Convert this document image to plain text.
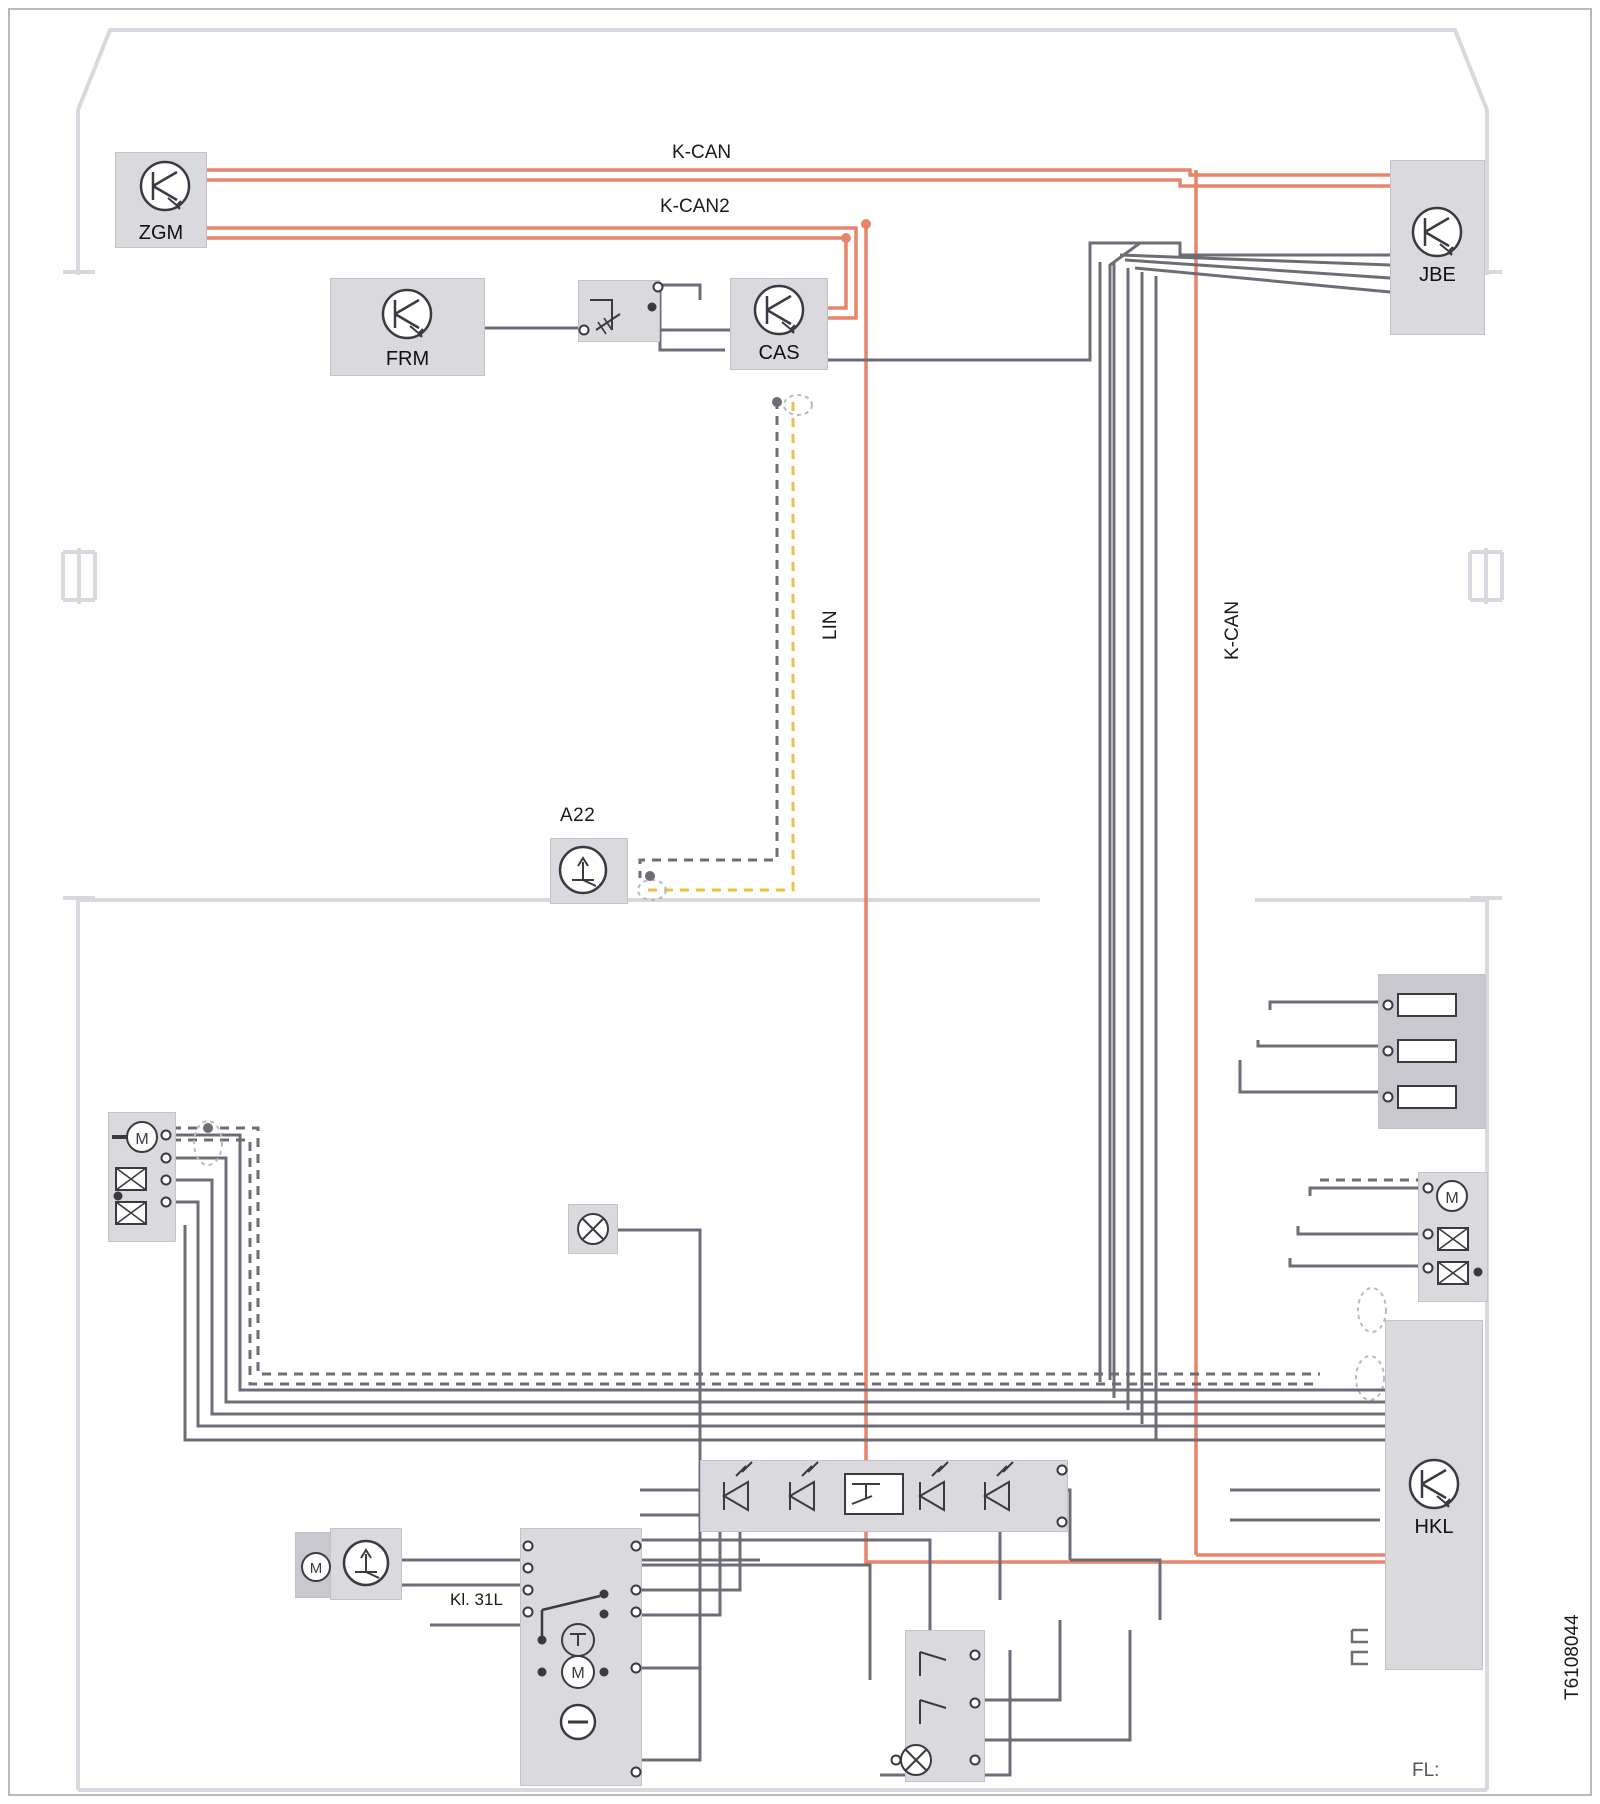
ZGM
JBE
FRM	CAS
A22
HKL
M
M
M
M
Kl. 31L
K-CAN
K-CAN2
LIN	K-CAN
T6108044
FL:
